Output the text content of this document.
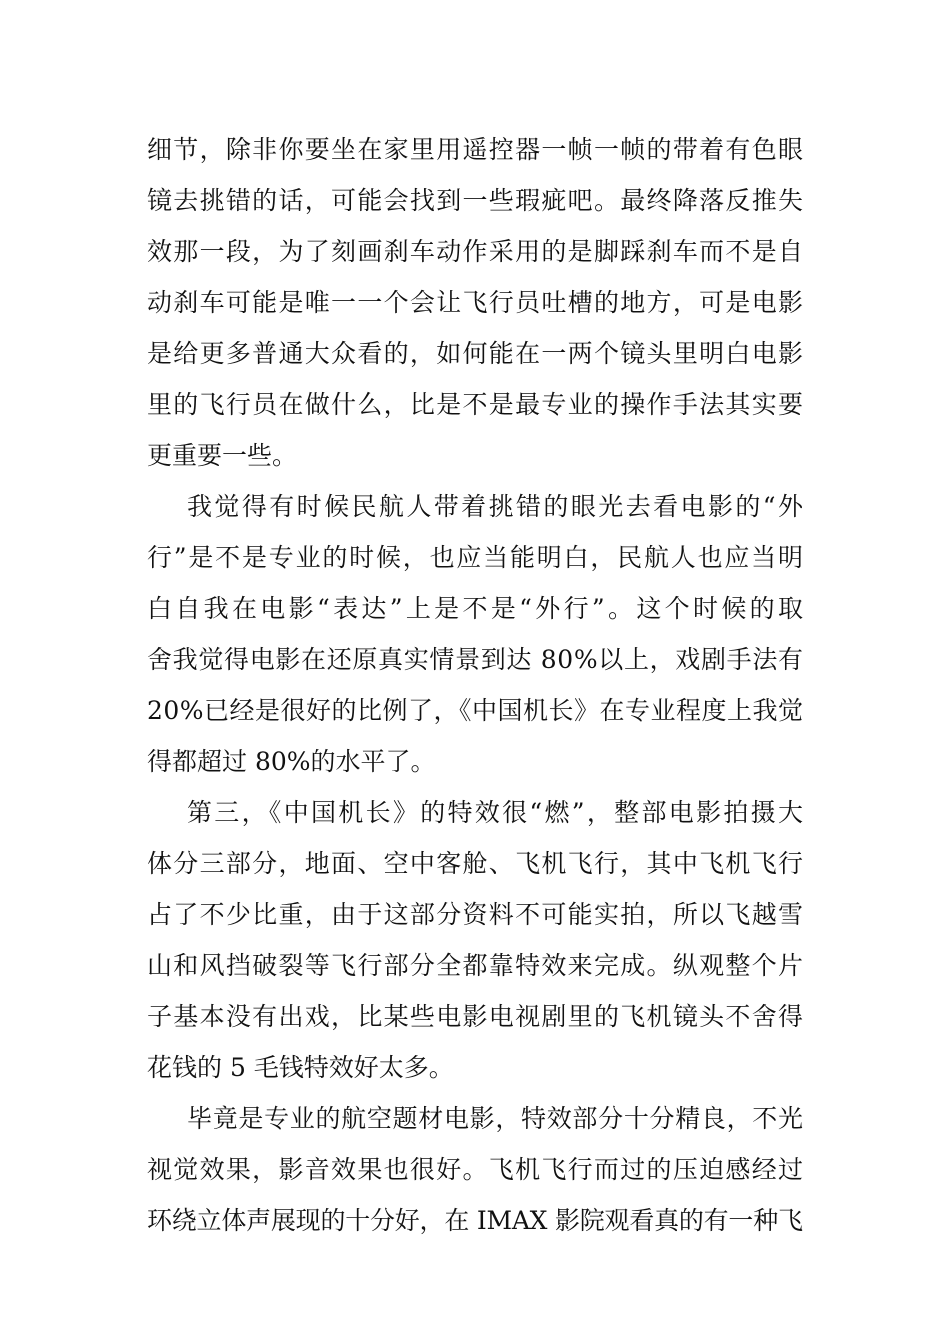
细节，除非你要坐在家里用遥控器一帧一帧的带着有色眼
镜去挑错的话，可能会找到一些瑕疵吧。最终降落反推失
效那一段，为了刻画刹车动作采用的是脚踩刹车而不是自
动刹车可能是唯一一个会让飞行员吐槽的地方，可是电影
是给更多普通大众看的，如何能在一两个镜头里明白电影
里的飞行员在做什么，比是不是最专业的操作手法其实要
更重要一些。
我觉得有时候民航人带着挑错的眼光去看电影的“外
行”是不是专业的时候，也应当能明白，民航人也应当明
白自我在电影“表达”上是不是“外行”。这个时候的取
舍我觉得电影在还原真实情景到达 80%以上，戏剧手法有
20%已经是很好的比例了，《中国机长》在专业程度上我觉
得都超过 80%的水平了。
第三，《中国机长》的特效很“燃”，整部电影拍摄大
体分三部分，地面、空中客舱、飞机飞行，其中飞机飞行
占了不少比重，由于这部分资料不可能实拍，所以飞越雪
山和风挡破裂等飞行部分全都靠特效来完成。纵观整个片
子基本没有出戏，比某些电影电视剧里的飞机镜头不舍得
花钱的 5 毛钱特效好太多。
毕竟是专业的航空题材电影，特效部分十分精良，不光
视觉效果，影音效果也很好。飞机飞行而过的压迫感经过
环绕立体声展现的十分好，在 IMAX 影院观看真的有一种飞
